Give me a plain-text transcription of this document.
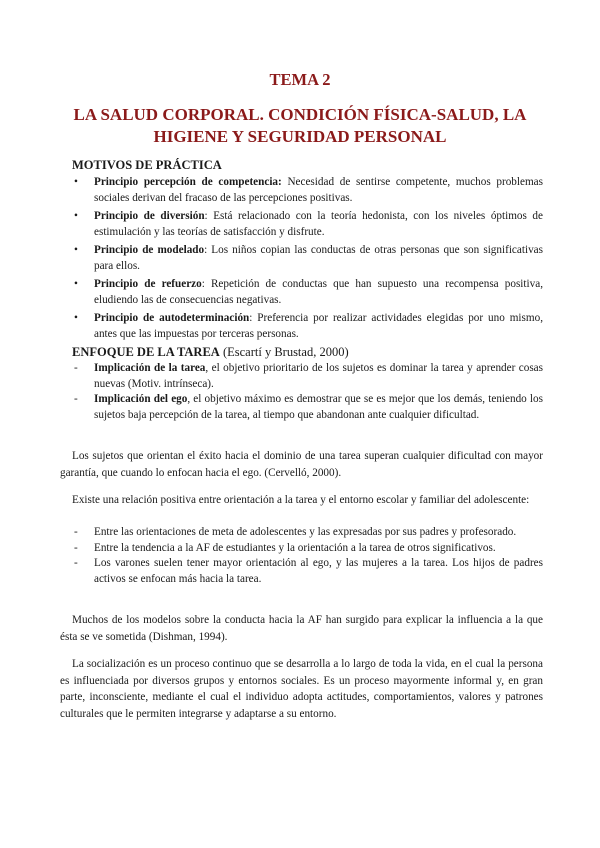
TEMA 2
LA SALUD CORPORAL. CONDICIÓN FÍSICA-SALUD, LA HIGIENE Y SEGURIDAD PERSONAL
MOTIVOS DE PRÁCTICA
• Principio percepción de competencia: Necesidad de sentirse competente, muchos problemas sociales derivan del fracaso de las percepciones positivas.
• Principio de diversión: Está relacionado con la teoría hedonista, con los niveles óptimos de estimulación y las teorías de satisfacción y disfrute.
• Principio de modelado: Los niños copian las conductas de otras personas que son significativas para ellos.
• Principio de refuerzo: Repetición de conductas que han supuesto una recompensa positiva, eludiendo las de consecuencias negativas.
• Principio de autodeterminación: Preferencia por realizar actividades elegidas por uno mismo, antes que las impuestas por terceras personas.
ENFOQUE DE LA TAREA (Escartí y Brustad, 2000)
- Implicación de la tarea, el objetivo prioritario de los sujetos es dominar la tarea y aprender cosas nuevas (Motiv. intrínseca).
- Implicación del ego, el objetivo máximo es demostrar que se es mejor que los demás, teniendo los sujetos baja percepción de la tarea, al tiempo que abandonan ante cualquier dificultad.

Los sujetos que orientan el éxito hacia el dominio de una tarea superan cualquier dificultad con mayor garantía, que cuando lo enfocan hacia el ego. (Cervelló, 2000).

Existe una relación positiva entre orientación a la tarea y el entorno escolar y familiar del adolescente:

- Entre las orientaciones de meta de adolescentes y las expresadas por sus padres y profesorado.
- Entre la tendencia a la AF de estudiantes y la orientación a la tarea de otros significativos.
- Los varones suelen tener mayor orientación al ego, y las mujeres a la tarea. Los hijos de padres activos se enfocan más hacia la tarea.

Muchos de los modelos sobre la conducta hacia la AF han surgido para explicar la influencia a la que ésta se ve sometida (Dishman, 1994).

La socialización es un proceso continuo que se desarrolla a lo largo de toda la vida, en el cual la persona es influenciada por diversos grupos y entornos sociales. Es un proceso mayormente informal y, en gran parte, inconsciente, mediante el cual el individuo adopta actitudes, comportamientos, valores y patrones culturales que le permiten integrarse y adaptarse a su entorno.
